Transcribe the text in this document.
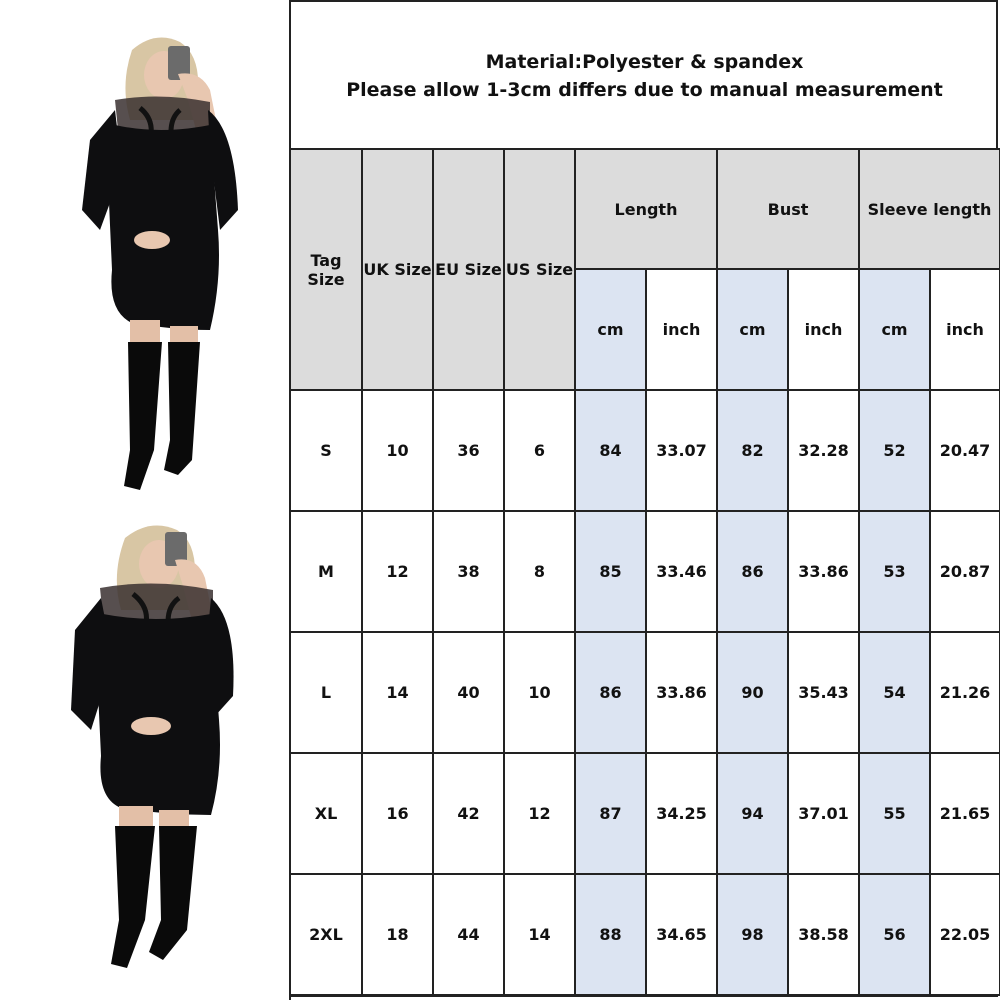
Material:Polyester & spandex
Please allow 1-3cm differs due to manual measurement
Tag Size	UK Size	EU Size	US Size	Length		Bust		Sleeve length	
				cm	inch	cm	inch	cm	inch
S	10	36	6	84	33.07	82	32.28	52	20.47
M	12	38	8	85	33.46	86	33.86	53	20.87
L	14	40	10	86	33.86	90	35.43	54	21.26
XL	16	42	12	87	34.25	94	37.01	55	21.65
2XL	18	44	14	88	34.65	98	38.58	56	22.05
